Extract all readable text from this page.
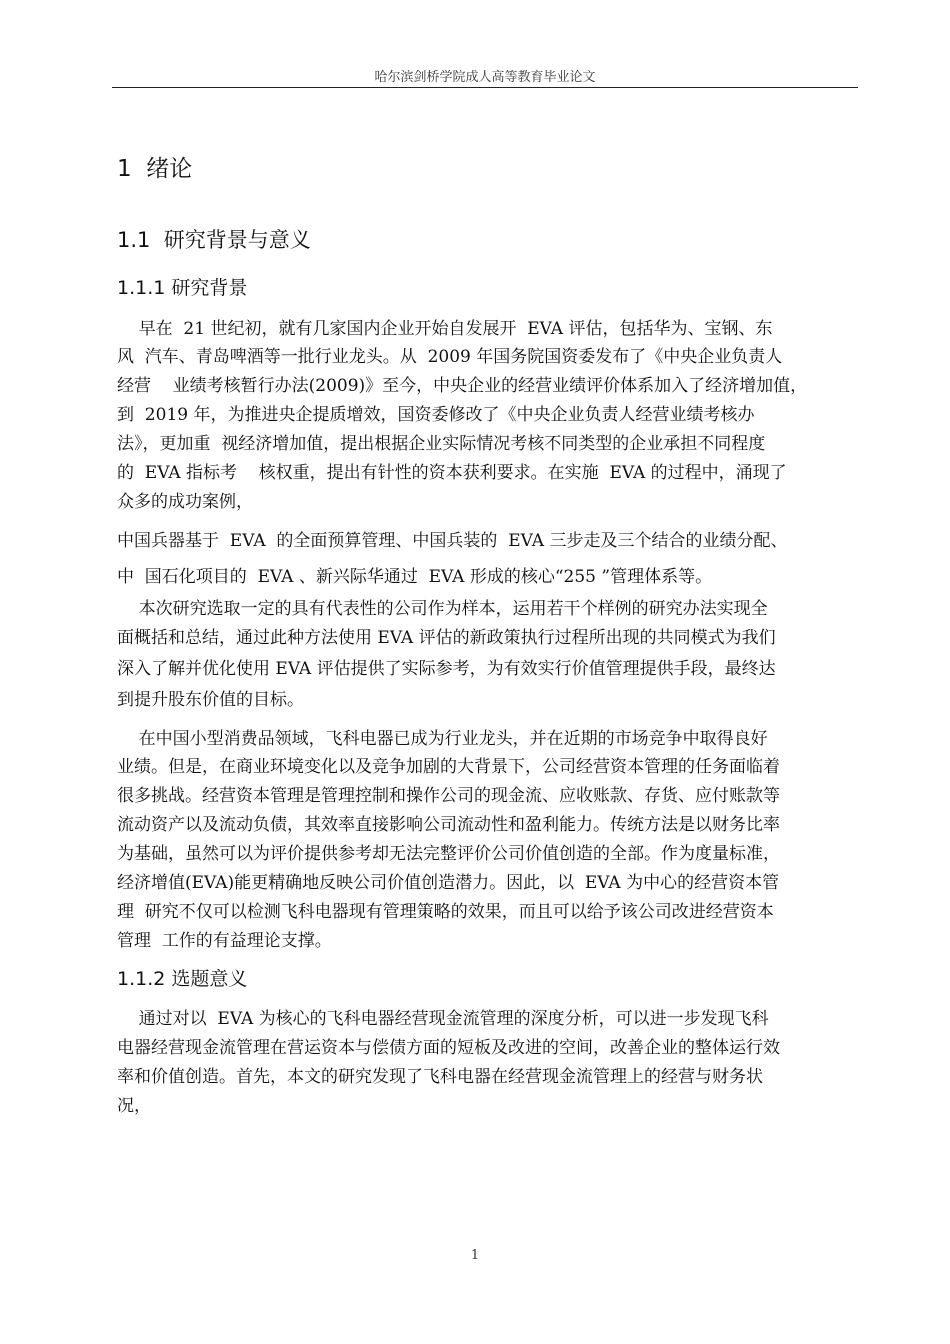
哈尔滨剑桥学院成人高等教育毕业论文
1  绪论
1.1  研究背景与意义
1.1.1 研究背景
早在  21 世纪初，就有几家国内企业开始自发展开  EVA 评估，包括华为、宝钢、东
风  汽车、青岛啤酒等一批行业龙头。从  2009 年国务院国资委发布了《中央企业负责人
经营    业绩考核暂行办法(2009)》至今，中央企业的经营业绩评价体系加入了经济增加值，
到  2019 年，为推进央企提质增效，国资委修改了《中央企业负责人经营业绩考核办
法》，更加重  视经济增加值，提出根据企业实际情况考核不同类型的企业承担不同程度
的  EVA 指标考    核权重，提出有针性的资本获利要求。在实施  EVA 的过程中，涌现了
众多的成功案例，
中国兵器基于  EVA  的全面预算管理、中国兵装的  EVA 三步走及三个结合的业绩分配、
中  国石化项目的  EVA 、新兴际华通过  EVA 形成的核心“255 ”管理体系等。
本次研究选取一定的具有代表性的公司作为样本，运用若干个样例的研究办法实现全
面概括和总结，通过此种方法使用 EVA 评估的新政策执行过程所出现的共同模式为我们
深入了解并优化使用 EVA 评估提供了实际参考，为有效实行价值管理提供手段，最终达
到提升股东价值的目标。
在中国小型消费品领域，飞科电器已成为行业龙头，并在近期的市场竞争中取得良好
业绩。但是，在商业环境变化以及竞争加剧的大背景下，公司经营资本管理的任务面临着
很多挑战。经营资本管理是管理控制和操作公司的现金流、应收账款、存货、应付账款等
流动资产以及流动负债，其效率直接影响公司流动性和盈利能力。传统方法是以财务比率
为基础，虽然可以为评价提供参考却无法完整评价公司价值创造的全部。作为度量标准，
经济增值(EVA)能更精确地反映公司价值创造潜力。因此，以  EVA 为中心的经营资本管
理  研究不仅可以检测飞科电器现有管理策略的效果，而且可以给予该公司改进经营资本
管理  工作的有益理论支撑。
1.1.2 选题意义
通过对以  EVA 为核心的飞科电器经营现金流管理的深度分析，可以进一步发现飞科
电器经营现金流管理在营运资本与偿债方面的短板及改进的空间，改善企业的整体运行效
率和价值创造。首先，本文的研究发现了飞科电器在经营现金流管理上的经营与财务状
况，
1
